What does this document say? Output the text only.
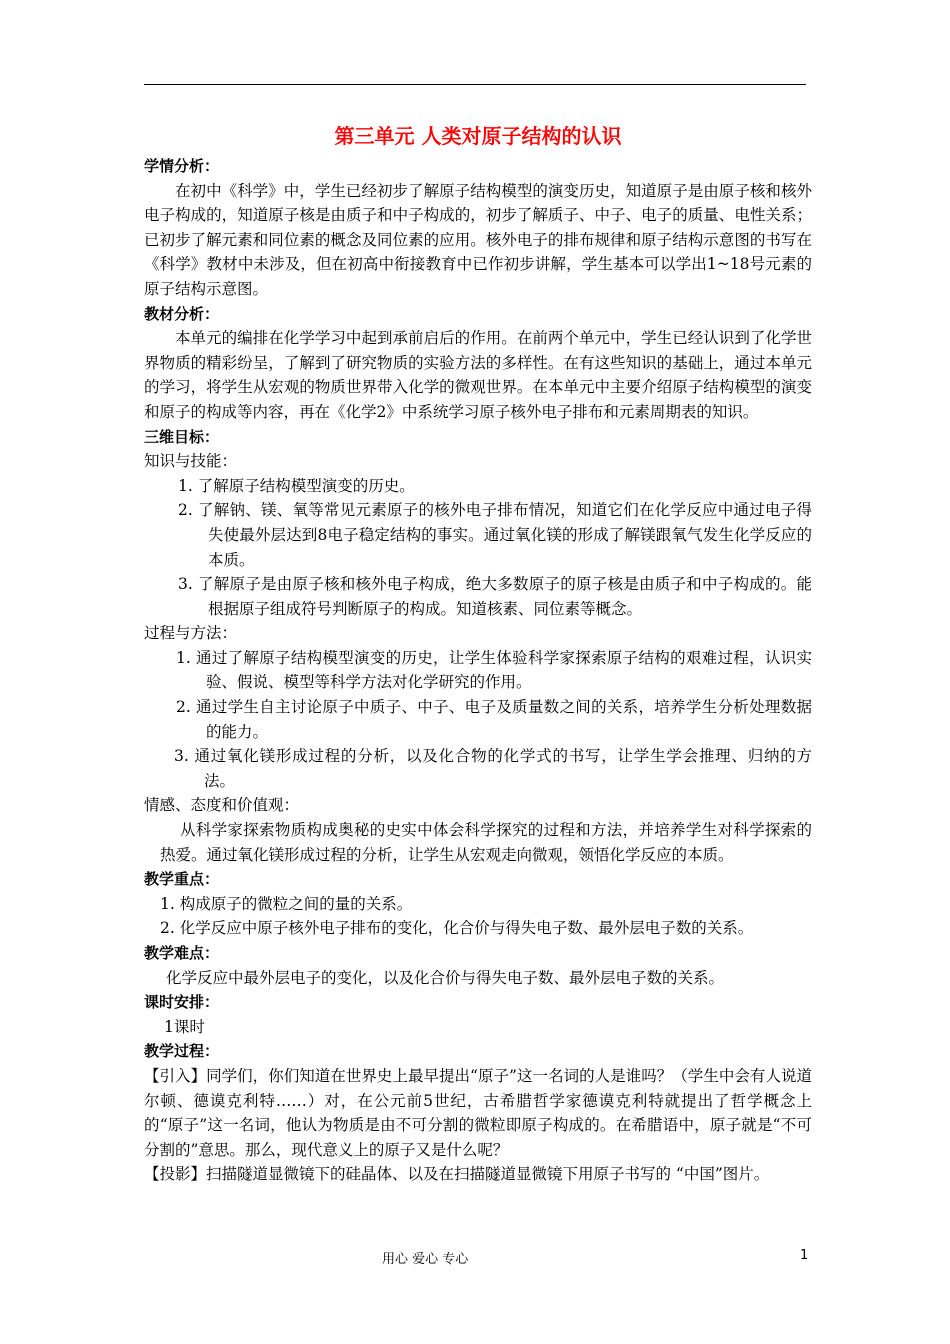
第三单元 人类对原子结构的认识
学情分析：
在初中《科学》中，学生已经初步了解原子结构模型的演变历史，知道原子是由原子核和核外电子构成的，知道原子核是由质子和中子构成的，初步了解质子、中子、电子的质量、电性关系；已初步了解元素和同位素的概念及同位素的应用。核外电子的排布规律和原子结构示意图的书写在《科学》教材中未涉及，但在初高中衔接教育中已作初步讲解，学生基本可以学出1~18号元素的原子结构示意图。
教材分析：
本单元的编排在化学学习中起到承前启后的作用。在前两个单元中，学生已经认识到了化学世界物质的精彩纷呈，了解到了研究物质的实验方法的多样性。在有这些知识的基础上，通过本单元的学习，将学生从宏观的物质世界带入化学的微观世界。在本单元中主要介绍原子结构模型的演变和原子的构成等内容，再在《化学2》中系统学习原子核外电子排布和元素周期表的知识。
三维目标：
知识与技能：
1. 了解原子结构模型演变的历史。
2. 了解钠、镁、氧等常见元素原子的核外电子排布情况，知道它们在化学反应中通过电子得失使最外层达到8电子稳定结构的事实。通过氧化镁的形成了解镁跟氧气发生化学反应的本质。
3. 了解原子是由原子核和核外电子构成，绝大多数原子的原子核是由质子和中子构成的。能根据原子组成符号判断原子的构成。知道核素、同位素等概念。
过程与方法：
1. 通过了解原子结构模型演变的历史，让学生体验科学家探索原子结构的艰难过程，认识实验、假说、模型等科学方法对化学研究的作用。
2. 通过学生自主讨论原子中质子、中子、电子及质量数之间的关系，培养学生分析处理数据的能力。
3. 通过氧化镁形成过程的分析，以及化合物的化学式的书写，让学生学会推理、归纳的方法。
情感、态度和价值观：
从科学家探索物质构成奥秘的史实中体会科学探究的过程和方法，并培养学生对科学探索的热爱。通过氧化镁形成过程的分析，让学生从宏观走向微观，领悟化学反应的本质。
教学重点：
1. 构成原子的微粒之间的量的关系。
2. 化学反应中原子核外电子排布的变化，化合价与得失电子数、最外层电子数的关系。
教学难点：
化学反应中最外层电子的变化，以及化合价与得失电子数、最外层电子数的关系。
课时安排：
1课时
教学过程：
【引入】同学们，你们知道在世界史上最早提出“原子”这一名词的人是谁吗？（学生中会有人说道尔顿、德谟克利特……）对，在公元前5世纪，古希腊哲学家德谟克利特就提出了哲学概念上的“原子”这一名词，他认为物质是由不可分割的微粒即原子构成的。在希腊语中，原子就是“不可分割的”意思。那么，现代意义上的原子又是什么呢？
【投影】扫描隧道显微镜下的硅晶体、以及在扫描隧道显微镜下用原子书写的 “中国”图片。
用心 爱心 专心	1
